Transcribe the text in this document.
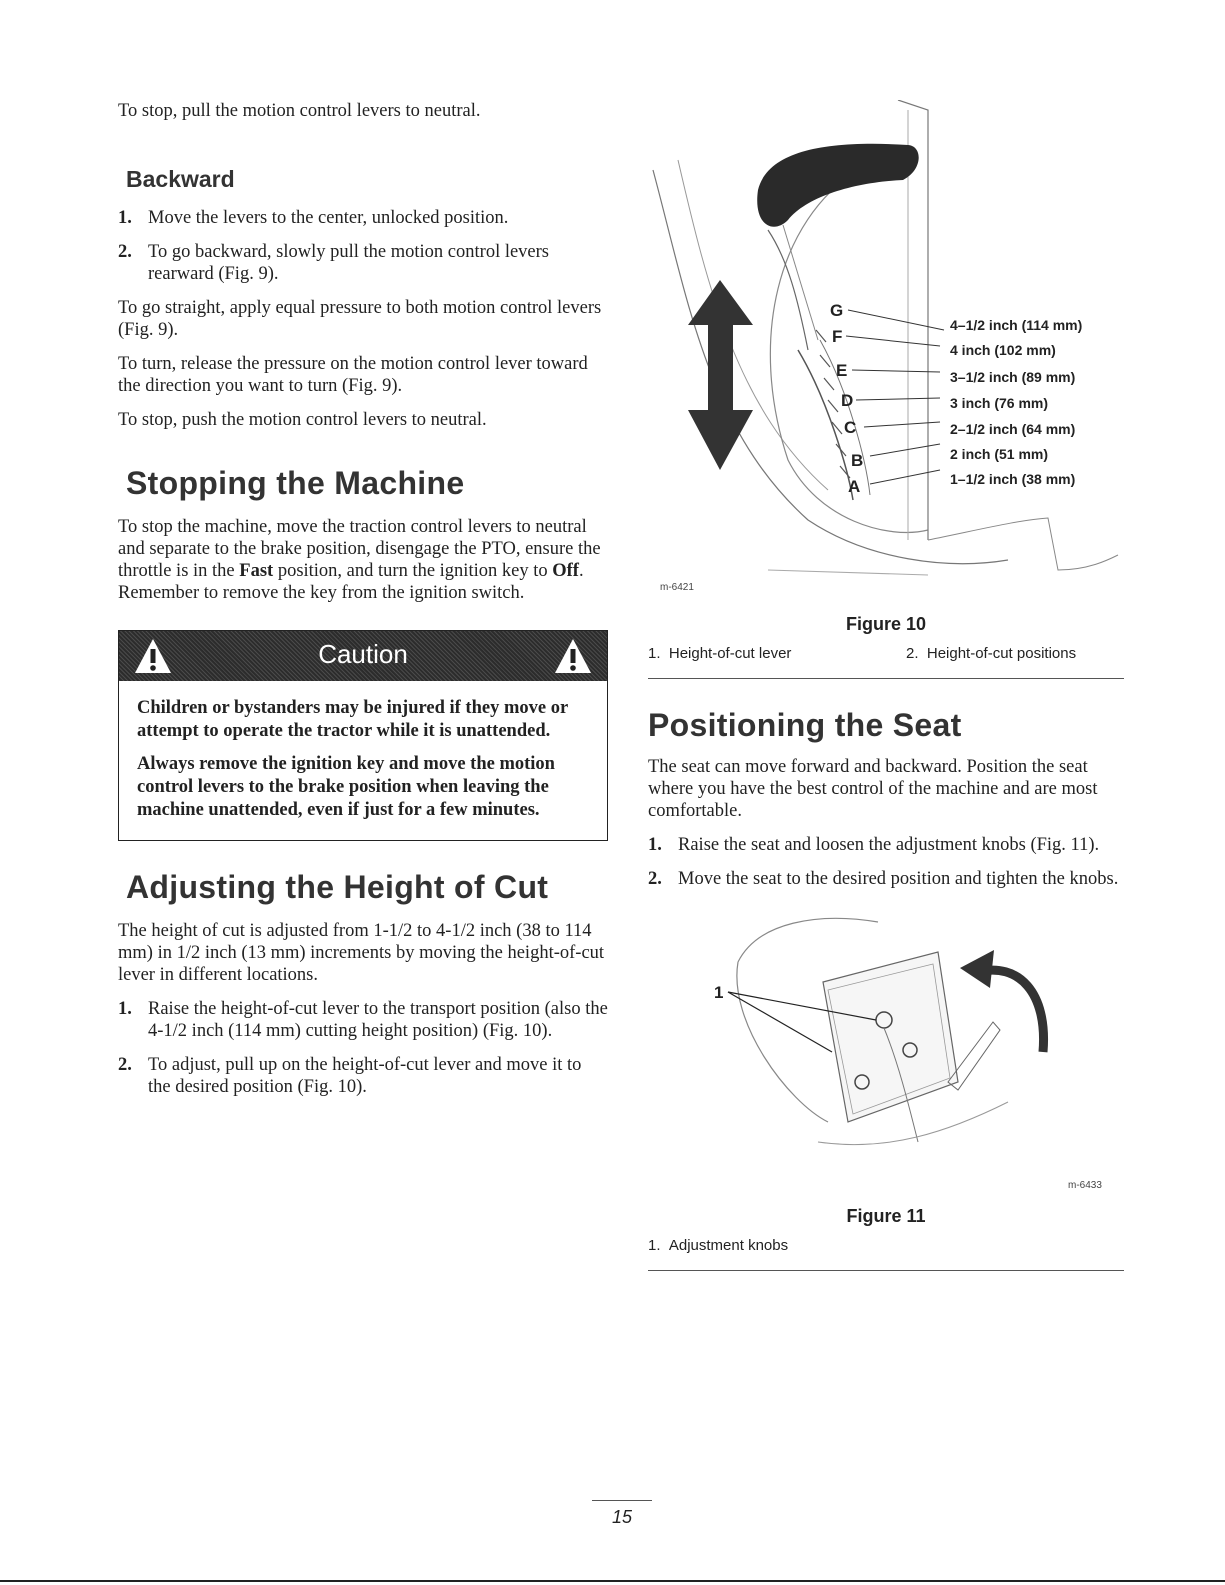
To stop, pull the motion control levers to neutral.

Backward
1. Move the levers to the center, unlocked position.
2. To go backward, slowly pull the motion control levers rearward (Fig. 9).

To go straight, apply equal pressure to both motion control levers (Fig. 9).

To turn, release the pressure on the motion control lever toward the direction you want to turn (Fig. 9).

To stop, push the motion control levers to neutral.

Stopping the Machine

To stop the machine, move the traction control levers to neutral and separate to the brake position, disengage the PTO, ensure the throttle is in the Fast position, and turn the ignition key to Off. Remember to remove the key from the ignition switch.

Caution

Children or bystanders may be injured if they move or attempt to operate the tractor while it is unattended.

Always remove the ignition key and move the motion control levers to the brake position when leaving the machine unattended, even if just for a few minutes.

Adjusting the Height of Cut

The height of cut is adjusted from 1-1/2 to 4-1/2 inch (38 to 114 mm) in 1/2 inch (13 mm) increments by moving the height-of-cut lever in different locations.

1. Raise the height-of-cut lever to the transport position (also the 4-1/2 inch (114 mm) cutting height position) (Fig. 10).
2. To adjust, pull up on the height-of-cut lever and move it to the desired position (Fig. 10).
G
F
E
D
C
B
A
4–1/2 inch (114 mm)
4 inch (102 mm)
3–1/2 inch (89 mm)
3 inch (76 mm)
2–1/2 inch (64 mm)
2 inch (51 mm)
1–1/2 inch (38 mm)
m-6421
Figure 10
1. Height-of-cut lever	2. Height-of-cut positions
Positioning the Seat

The seat can move forward and backward. Position the seat where you have the best control of the machine and are most comfortable.

1. Raise the seat and loosen the adjustment knobs (Fig. 11).
2. Move the seat to the desired position and tighten the knobs.
1
m-6433
Figure 11
1. Adjustment knobs
15
